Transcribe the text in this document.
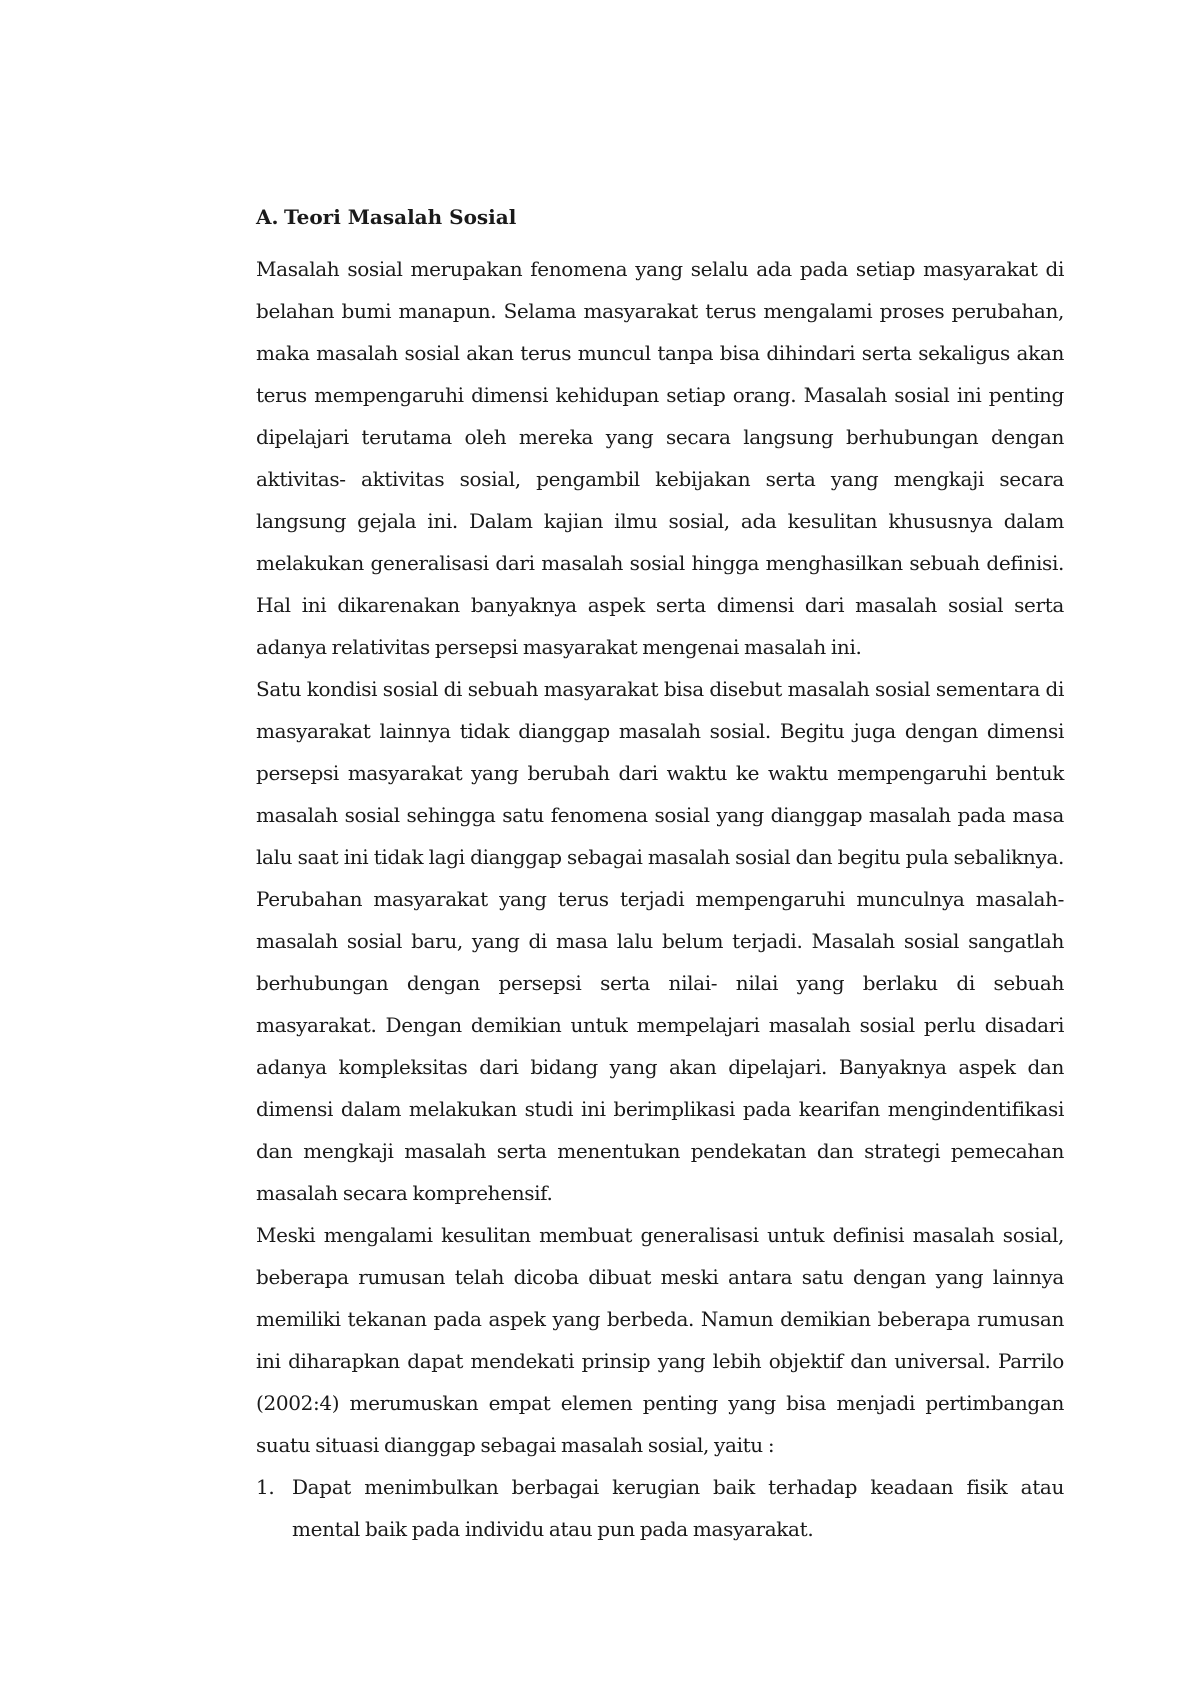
A. Teori Masalah Sosial

Masalah sosial merupakan fenomena yang selalu ada pada setiap masyarakat di belahan bumi manapun. Selama masyarakat terus mengalami proses perubahan, maka masalah sosial akan terus muncul tanpa bisa dihindari serta sekaligus akan terus mempengaruhi dimensi kehidupan setiap orang. Masalah sosial ini penting dipelajari terutama oleh mereka yang secara langsung berhubungan dengan aktivitas- aktivitas sosial, pengambil kebijakan serta yang mengkaji secara langsung gejala ini. Dalam kajian ilmu sosial, ada kesulitan khususnya dalam melakukan generalisasi dari masalah sosial hingga menghasilkan sebuah definisi. Hal ini dikarenakan banyaknya aspek serta dimensi dari masalah sosial serta adanya relativitas persepsi masyarakat mengenai masalah ini.

Satu kondisi sosial di sebuah masyarakat bisa disebut masalah sosial sementara di masyarakat lainnya tidak dianggap masalah sosial. Begitu juga dengan dimensi persepsi masyarakat yang berubah dari waktu ke waktu mempengaruhi bentuk masalah sosial sehingga satu fenomena sosial yang dianggap masalah pada masa lalu saat ini tidak lagi dianggap sebagai masalah sosial dan begitu pula sebaliknya. Perubahan masyarakat yang terus terjadi mempengaruhi munculnya masalah-masalah sosial baru, yang di masa lalu belum terjadi. Masalah sosial sangatlah berhubungan dengan persepsi serta nilai- nilai yang berlaku di sebuah masyarakat. Dengan demikian untuk mempelajari masalah sosial perlu disadari adanya kompleksitas dari bidang yang akan dipelajari. Banyaknya aspek dan dimensi dalam melakukan studi ini berimplikasi pada kearifan mengindentifikasi dan mengkaji masalah serta menentukan pendekatan dan strategi pemecahan masalah secara komprehensif.

Meski mengalami kesulitan membuat generalisasi untuk definisi masalah sosial, beberapa rumusan telah dicoba dibuat meski antara satu dengan yang lainnya memiliki tekanan pada aspek yang berbeda. Namun demikian beberapa rumusan ini diharapkan dapat mendekati prinsip yang lebih objektif dan universal. Parrilo (2002:4) merumuskan empat elemen penting yang bisa menjadi pertimbangan suatu situasi dianggap sebagai masalah sosial, yaitu :

1. Dapat menimbulkan berbagai kerugian baik terhadap keadaan fisik atau mental baik pada individu atau pun pada masyarakat.
